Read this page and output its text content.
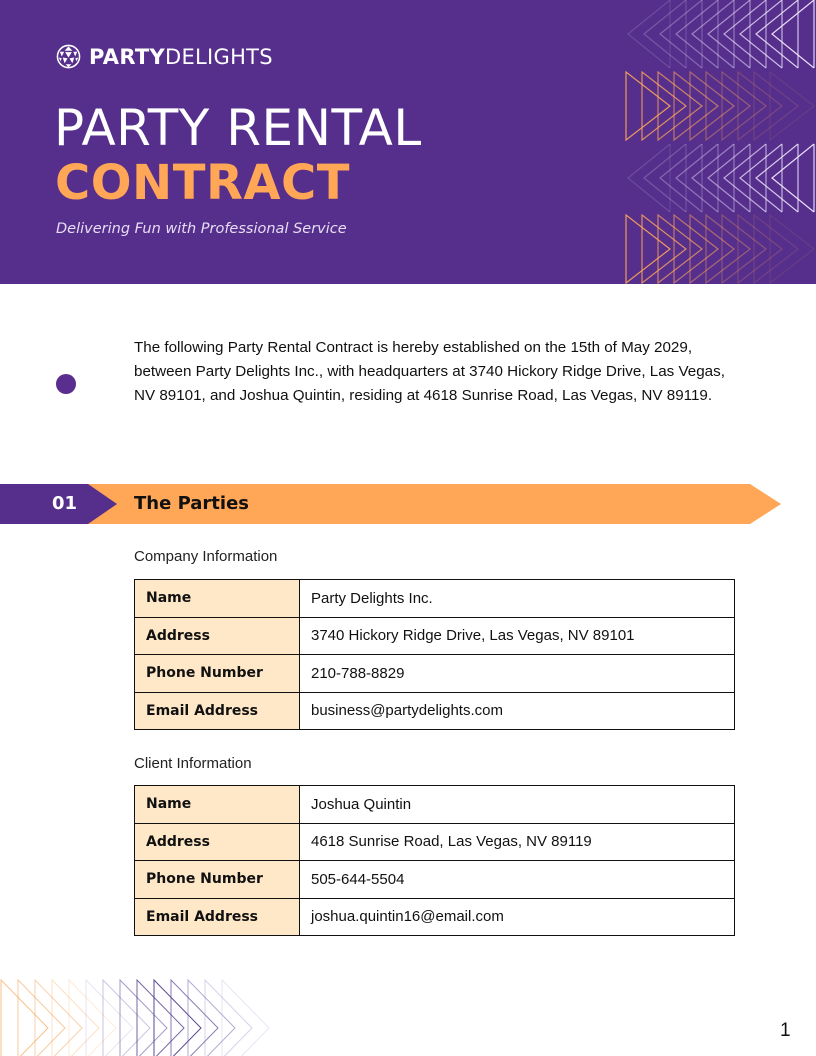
PARTYDELIGHTS
PARTY RENTAL
CONTRACT
Delivering Fun with Professional Service

The following Party Rental Contract is hereby established on the 15th of May 2029, between Party Delights Inc., with headquarters at 3740 Hickory Ridge Drive, Las Vegas, NV 89101, and Joshua Quintin, residing at 4618 Sunrise Road, Las Vegas, NV 89119.

01	The Parties
Company Information
Name	Party Delights Inc.
Address	3740 Hickory Ridge Drive, Las Vegas, NV 89101
Phone Number	210-788-8829
Email Address	business@partydelights.com
Client Information
Name	Joshua Quintin
Address	4618 Sunrise Road, Las Vegas, NV 89119
Phone Number	505-644-5504
Email Address	joshua.quintin16@email.com
1
